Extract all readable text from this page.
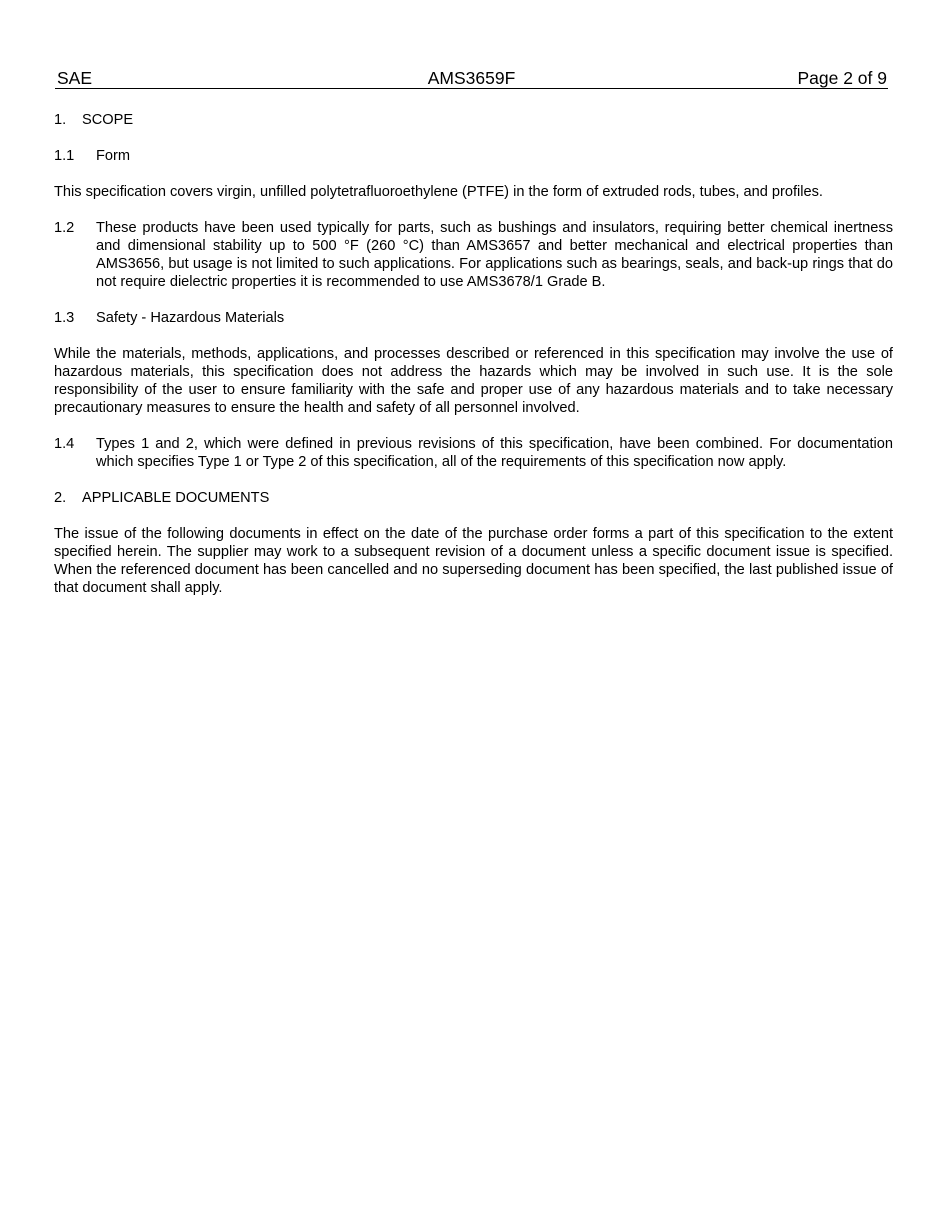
AMS3659F
SAE	Page 2 of 9
1.	SCOPE
1.1	Form
This specification covers virgin, unfilled polytetrafluoroethylene (PTFE) in the form of extruded rods, tubes, and profiles.
1.2	These products have been used typically for parts, such as bushings and insulators, requiring better chemical inertness and dimensional stability up to 500 °F (260 °C) than AMS3657 and better mechanical and electrical properties than AMS3656, but usage is not limited to such applications. For applications such as bearings, seals, and back-up rings that do not require dielectric properties it is recommended to use AMS3678/1 Grade B.
1.3	Safety - Hazardous Materials
While the materials, methods, applications, and processes described or referenced in this specification may involve the use of hazardous materials, this specification does not address the hazards which may be involved in such use. It is the sole responsibility of the user to ensure familiarity with the safe and proper use of any hazardous materials and to take necessary precautionary measures to ensure the health and safety of all personnel involved.
1.4	Types 1 and 2, which were defined in previous revisions of this specification, have been combined. For documentation which specifies Type 1 or Type 2 of this specification, all of the requirements of this specification now apply.
2.	APPLICABLE DOCUMENTS
The issue of the following documents in effect on the date of the purchase order forms a part of this specification to the extent specified herein. The supplier may work to a subsequent revision of a document unless a specific document issue is specified. When the referenced document has been cancelled and no superseding document has been specified, the last published issue of that document shall apply.
